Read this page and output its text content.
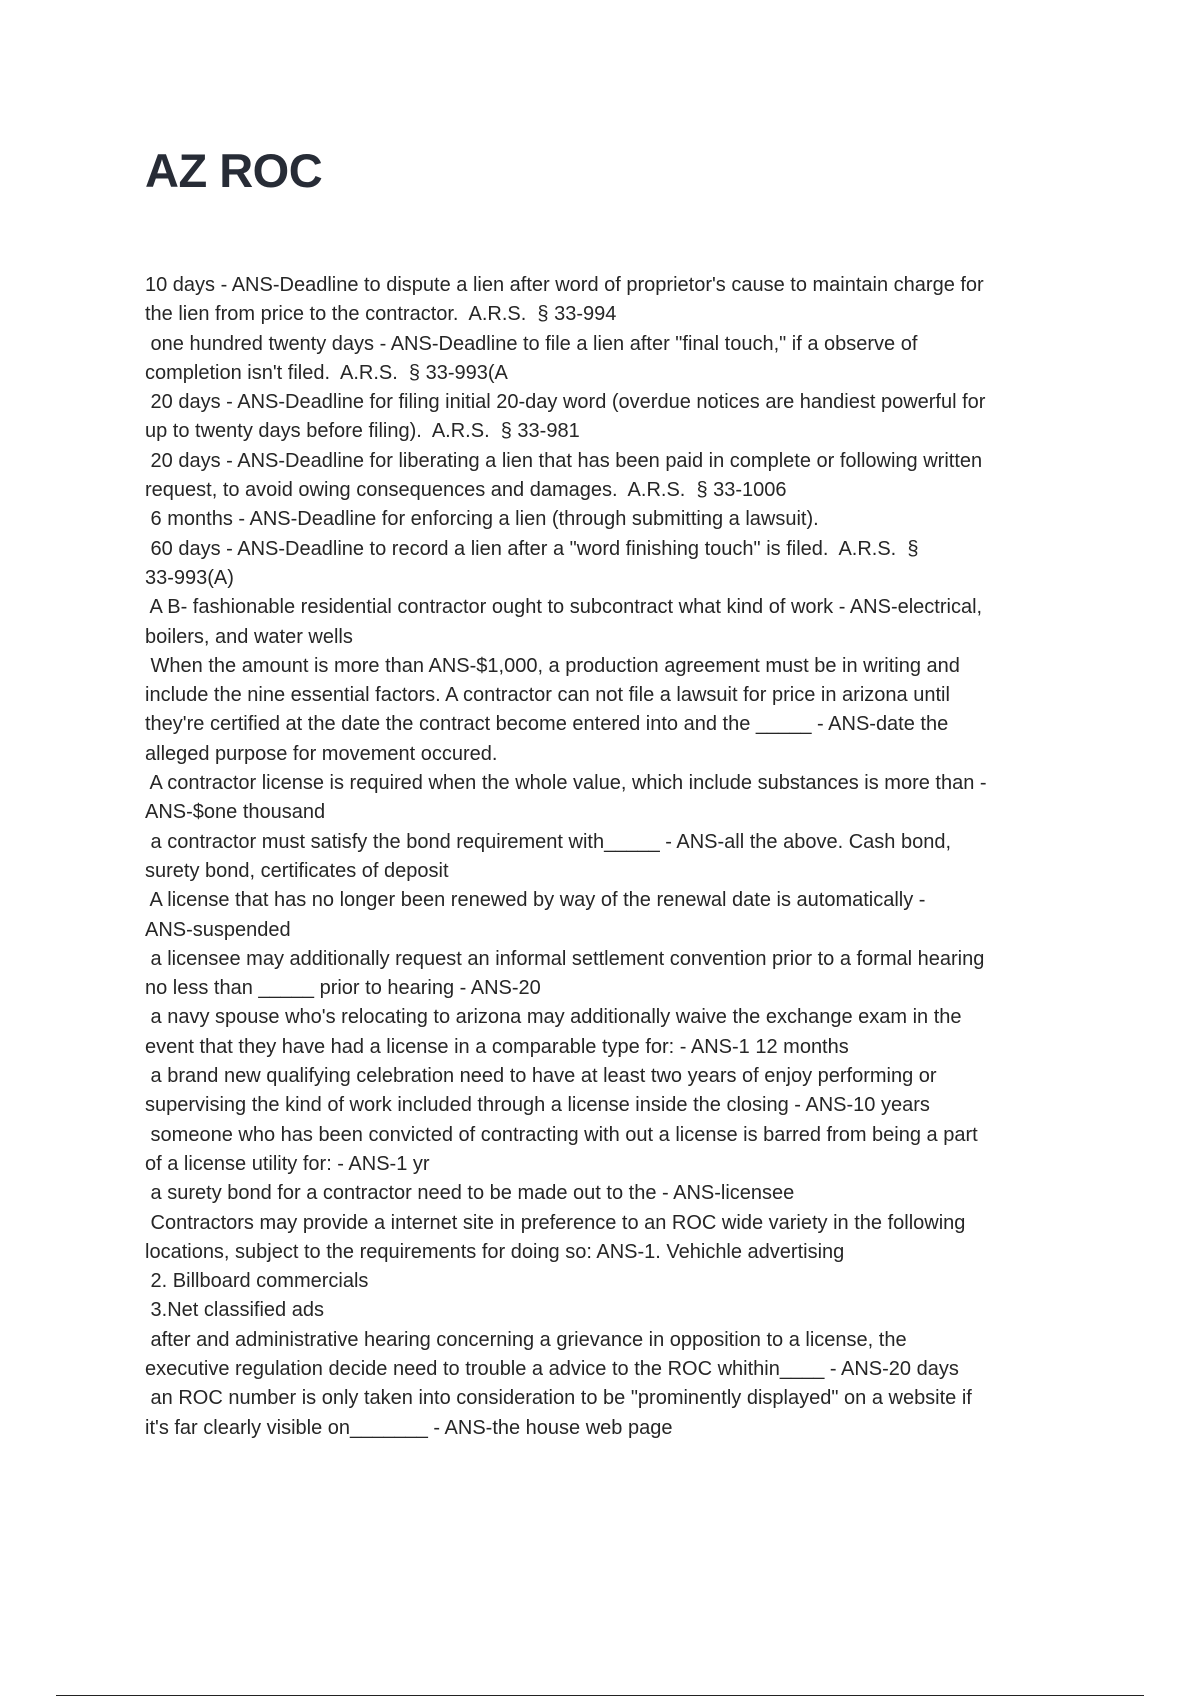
AZ ROC

10 days - ANS-Deadline to dispute a lien after word of proprietor's cause to maintain charge for

the lien from price to the contractor.  A.R.S.  § 33-994

one hundred twenty days - ANS-Deadline to file a lien after "final touch," if a observe of

completion isn't filed.  A.R.S.  § 33-993(A

20 days - ANS-Deadline for filing initial 20-day word (overdue notices are handiest powerful for

up to twenty days before filing).  A.R.S.  § 33-981

20 days - ANS-Deadline for liberating a lien that has been paid in complete or following written

request, to avoid owing consequences and damages.  A.R.S.  § 33-1006

6 months - ANS-Deadline for enforcing a lien (through submitting a lawsuit).

60 days - ANS-Deadline to record a lien after a "word finishing touch" is filed.  A.R.S.  §

33-993(A)

A B- fashionable residential contractor ought to subcontract what kind of work - ANS-electrical,

boilers, and water wells

When the amount is more than ANS-$1,000, a production agreement must be in writing and

include the nine essential factors. A contractor can not file a lawsuit for price in arizona until

they're certified at the date the contract become entered into and the _____ - ANS-date the

alleged purpose for movement occured.

A contractor license is required when the whole value, which include substances is more than -

ANS-$one thousand

a contractor must satisfy the bond requirement with_____ - ANS-all the above. Cash bond,

surety bond, certificates of deposit

A license that has no longer been renewed by way of the renewal date is automatically -

ANS-suspended

a licensee may additionally request an informal settlement convention prior to a formal hearing

no less than _____ prior to hearing - ANS-20

a navy spouse who's relocating to arizona may additionally waive the exchange exam in the

event that they have had a license in a comparable type for: - ANS-1 12 months

a brand new qualifying celebration need to have at least two years of enjoy performing or

supervising the kind of work included through a license inside the closing - ANS-10 years

someone who has been convicted of contracting with out a license is barred from being a part

of a license utility for: - ANS-1 yr

a surety bond for a contractor need to be made out to the - ANS-licensee

Contractors may provide a internet site in preference to an ROC wide variety in the following

locations, subject to the requirements for doing so: ANS-1. Vehichle advertising

2. Billboard commercials

3.Net classified ads

after and administrative hearing concerning a grievance in opposition to a license, the

executive regulation decide need to trouble a advice to the ROC whithin____ - ANS-20 days

an ROC number is only taken into consideration to be "prominently displayed" on a website if

it's far clearly visible on_______ - ANS-the house web page
